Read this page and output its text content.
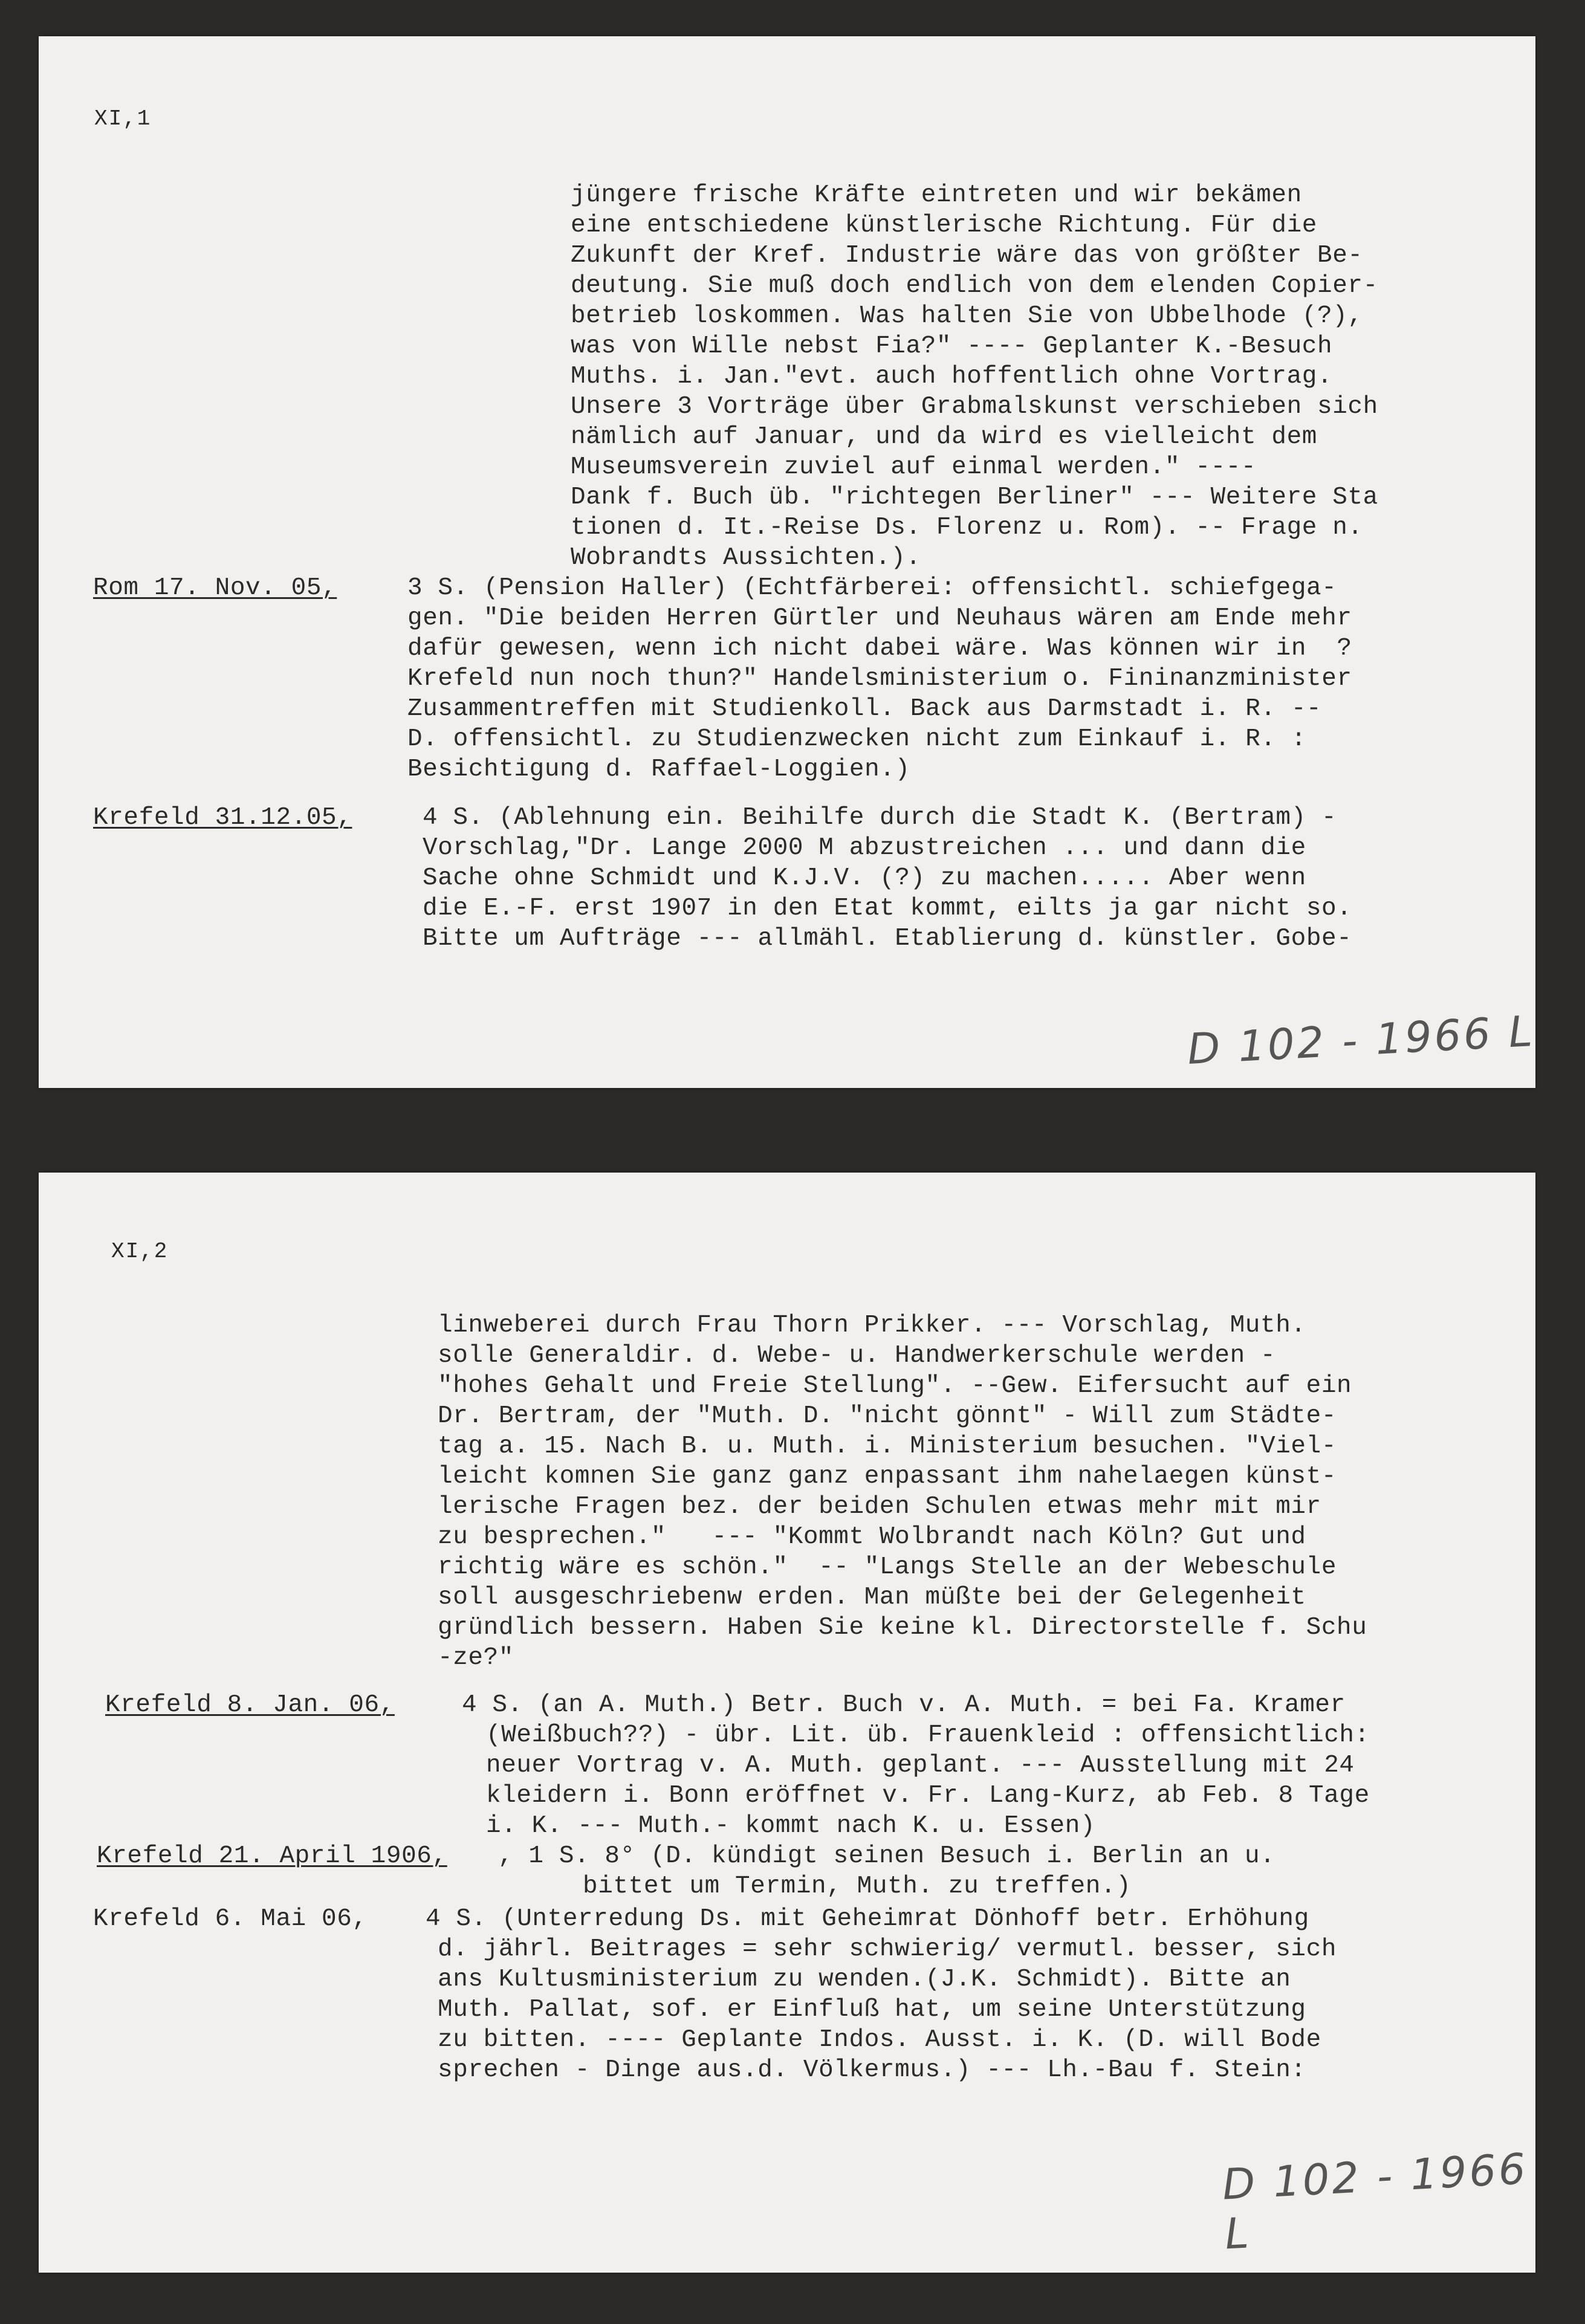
XI,1
jüngere frische Kräfte eintreten und wir bekämen
eine entschiedene künstlerische Richtung. Für die
Zukunft der Kref. Industrie wäre das von größter Be-
deutung. Sie muß doch endlich von dem elenden Copier-
betrieb loskommen. Was halten Sie von Ubbelhode (?),
was von Wille nebst Fia?" ---- Geplanter K.-Besuch
Muths. i. Jan."evt. auch hoffentlich ohne Vortrag.
Unsere 3 Vorträge über Grabmalskunst verschieben sich
nämlich auf Januar, und da wird es vielleicht dem
Museumsverein zuviel auf einmal werden." ----
Dank f. Buch üb. "richtegen Berliner" --- Weitere Sta
tionen d. It.-Reise Ds. Florenz u. Rom). -- Frage n.
Wobrandts Aussichten.).
Rom 17. Nov. 05,	3 S. (Pension Haller) (Echtfärberei: offensichtl. schiefgega-
gen. "Die beiden Herren Gürtler und Neuhaus wären am Ende mehr
dafür gewesen, wenn ich nicht dabei wäre. Was können wir in  ?
Krefeld nun noch thun?" Handelsministerium o. Fininanzminister
Zusammentreffen mit Studienkoll. Back aus Darmstadt i. R. --
D. offensichtl. zu Studienzwecken nicht zum Einkauf i. R. :
Besichtigung d. Raffael-Loggien.)
Krefeld 31.12.05,	4 S. (Ablehnung ein. Beihilfe durch die Stadt K. (Bertram) -
Vorschlag,"Dr. Lange 2000 M abzustreichen ... und dann die
Sache ohne Schmidt und K.J.V. (?) zu machen..... Aber wenn
die E.-F. erst 1907 in den Etat kommt, eilts ja gar nicht so.
Bitte um Aufträge --- allmähl. Etablierung d. künstler. Gobe-
D 102 - 1966 L
XI,2
linweberei durch Frau Thorn Prikker. --- Vorschlag, Muth.
solle Generaldir. d. Webe- u. Handwerkerschule werden -
"hohes Gehalt und Freie Stellung". --Gew. Eifersucht auf ein
Dr. Bertram, der "Muth. D. "nicht gönnt" - Will zum Städte-
tag a. 15. Nach B. u. Muth. i. Ministerium besuchen. "Viel-
leicht komnen Sie ganz ganz enpassant ihm nahelaegen künst-
lerische Fragen bez. der beiden Schulen etwas mehr mit mir
zu besprechen."   --- "Kommt Wolbrandt nach Köln? Gut und
richtig wäre es schön."  -- "Langs Stelle an der Webeschule
soll ausgeschriebenw erden. Man müßte bei der Gelegenheit
gründlich bessern. Haben Sie keine kl. Directorstelle f. Schu
-ze?"
Krefeld 8. Jan. 06,	4 S. (an A. Muth.) Betr. Buch v. A. Muth. = bei Fa. Kramer
(Weißbuch??) - übr. Lit. üb. Frauenkleid : offensichtlich:
neuer Vortrag v. A. Muth. geplant. --- Ausstellung mit 24
kleidern i. Bonn eröffnet v. Fr. Lang-Kurz, ab Feb. 8 Tage
i. K. --- Muth.- kommt nach K. u. Essen)
Krefeld 21. April 1906, , 1 S. 8° (D. kündigt seinen Besuch i. Berlin an u.
bittet um Termin, Muth. zu treffen.)
Krefeld 6. Mai 06, 4 S. (Unterredung Ds. mit Geheimrat Dönhoff betr. Erhöhung
d. jährl. Beitrages = sehr schwierig/ vermutl. besser, sich
ans Kultusministerium zu wenden.(J.K. Schmidt). Bitte an
Muth. Pallat, sof. er Einfluß hat, um seine Unterstützung
zu bitten. ---- Geplante Indos. Ausst. i. K. (D. will Bode
sprechen - Dinge aus.d. Völkermus.) --- Lh.-Bau f. Stein:
D 102 - 1966 L
